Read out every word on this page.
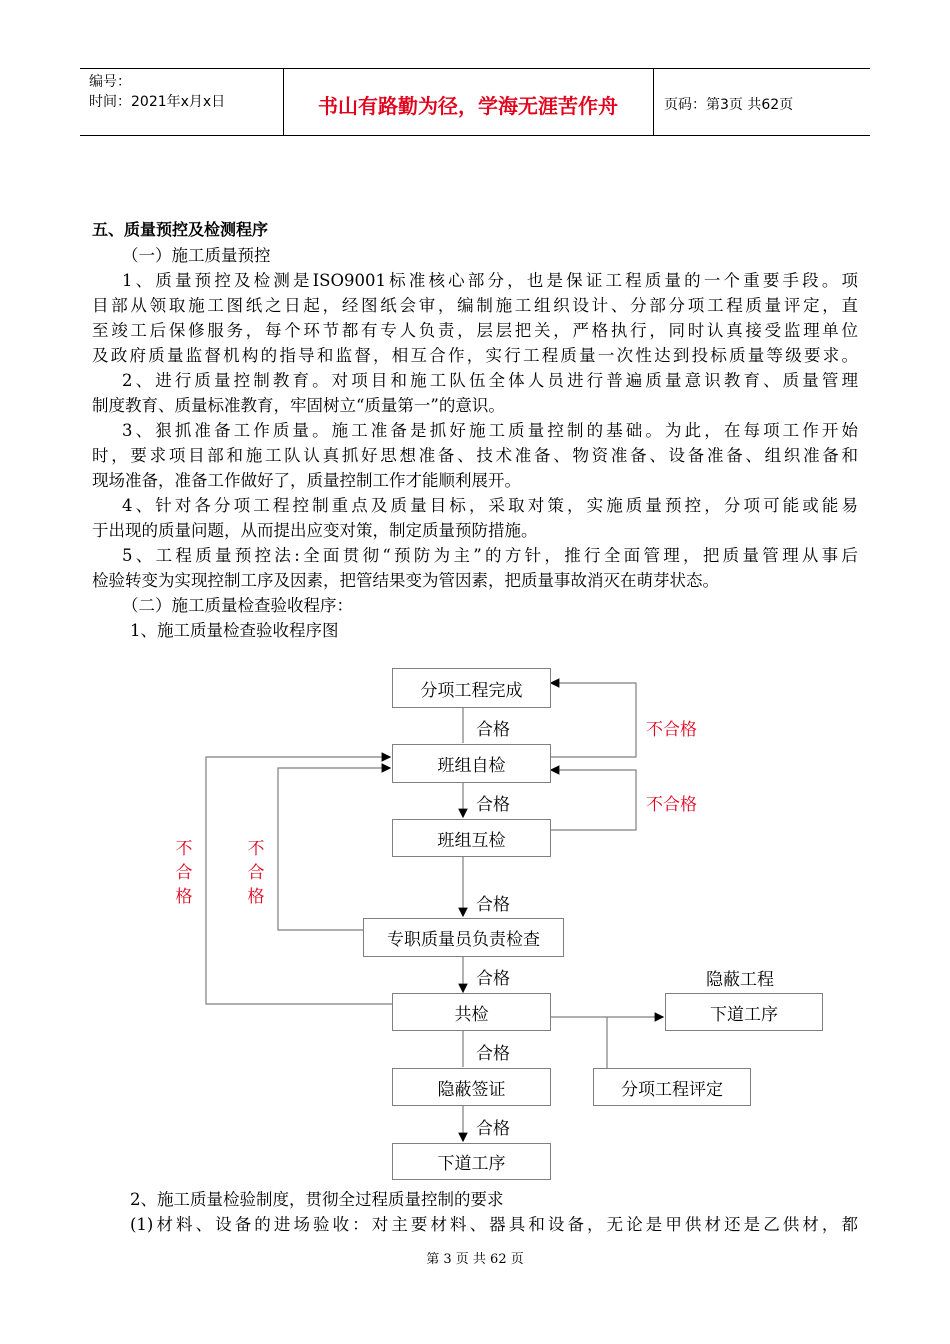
编号：
时间：2021年x月x日	书山有路勤为径，学海无涯苦作舟	页码：第3页 共62页
五、质量预控及检测程序
（一）施工质量预控
1、质量预控及检测是ISO9001标准核心部分，也是保证工程质量的一个重要手段。项
目部从领取施工图纸之日起，经图纸会审，编制施工组织设计、分部分项工程质量评定，直
至竣工后保修服务，每个环节都有专人负责，层层把关，严格执行，同时认真接受监理单位
及政府质量监督机构的指导和监督，相互合作，实行工程质量一次性达到投标质量等级要求。
2、进行质量控制教育。对项目和施工队伍全体人员进行普遍质量意识教育、质量管理
制度教育、质量标准教育，牢固树立“质量第一”的意识。
3、狠抓准备工作质量。施工准备是抓好施工质量控制的基础。为此，在每项工作开始
时，要求项目部和施工队认真抓好思想准备、技术准备、物资准备、设备准备、组织准备和
现场准备，准备工作做好了，质量控制工作才能顺利展开。
4、针对各分项工程控制重点及质量目标，采取对策，实施质量预控，分项可能或能易
于出现的质量问题，从而提出应变对策，制定质量预防措施。
5、工程质量预控法:全面贯彻“预防为主”的方针，推行全面管理，把质量管理从事后
检验转变为实现控制工序及因素，把管结果变为管因素，把质量事故消灭在萌芽状态。
（二）施工质量检查验收程序：
1、施工质量检查验收程序图
分项工程完成
班组自检
班组互检
专职质量员负责检查
共检
隐蔽签证
下道工序
下道工序
分项工程评定
合格
合格
合格
合格
合格
合格
不合格
不合格
不合格
不合格
隐蔽工程
2、施工质量检验制度，贯彻全过程质量控制的要求
(1)材料、设备的进场验收：对主要材料、器具和设备，无论是甲供材还是乙供材，都
第 3 页 共 62 页
